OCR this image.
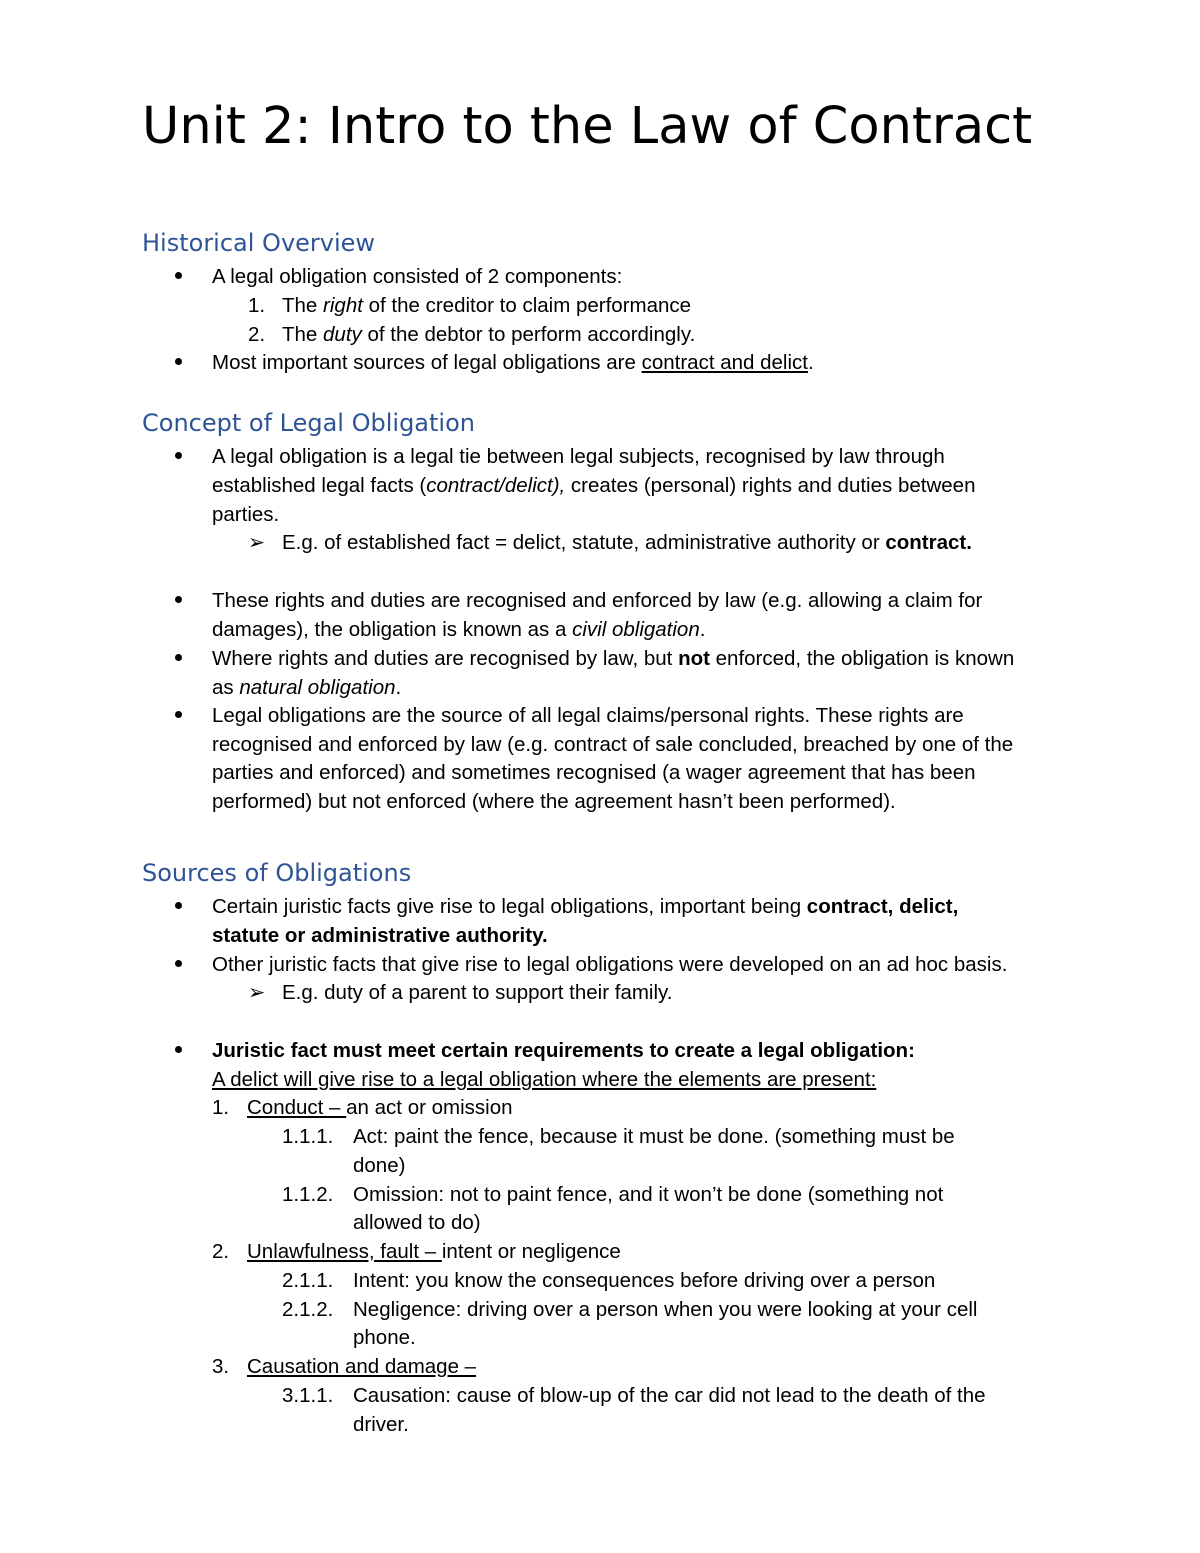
Unit 2: Intro to the Law of Contract
Historical Overview
A legal obligation consisted of 2 components:
1. The right of the creditor to claim performance
2. The duty of the debtor to perform accordingly.
Most important sources of legal obligations are contract and delict.
Concept of Legal Obligation
A legal obligation is a legal tie between legal subjects, recognised by law through
established legal facts (contract/delict), creates (personal) rights and duties between
parties.
➢ E.g. of established fact = delict, statute, administrative authority or contract.
These rights and duties are recognised and enforced by law (e.g. allowing a claim for
damages), the obligation is known as a civil obligation.
Where rights and duties are recognised by law, but not enforced, the obligation is known
as natural obligation.
Legal obligations are the source of all legal claims/personal rights. These rights are
recognised and enforced by law (e.g. contract of sale concluded, breached by one of the
parties and enforced) and sometimes recognised (a wager agreement that has been
performed) but not enforced (where the agreement hasn’t been performed).
Sources of Obligations
Certain juristic facts give rise to legal obligations, important being contract, delict,
statute or administrative authority.
Other juristic facts that give rise to legal obligations were developed on an ad hoc basis.
➢ E.g. duty of a parent to support their family.
Juristic fact must meet certain requirements to create a legal obligation:
A delict will give rise to a legal obligation where the elements are present:
1. Conduct – an act or omission
1.1.1. Act: paint the fence, because it must be done. (something must be
done)
1.1.2. Omission: not to paint fence, and it won’t be done (something not
allowed to do)
2. Unlawfulness, fault – intent or negligence
2.1.1. Intent: you know the consequences before driving over a person
2.1.2. Negligence: driving over a person when you were looking at your cell
phone.
3. Causation and damage –
3.1.1. Causation: cause of blow-up of the car did not lead to the death of the
driver.
